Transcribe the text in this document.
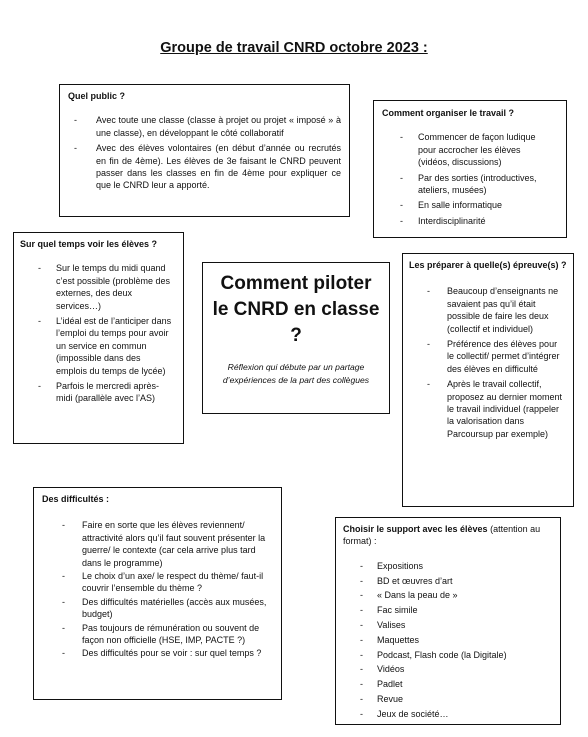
Groupe de travail CNRD octobre 2023 :
Quel public ?
- Avec toute une classe (classe à projet ou projet « imposé » à une classe), en développant le côté collaboratif
- Avec des élèves volontaires (en début d’année ou recrutés en fin de 4ème). Les élèves de 3e faisant le CNRD peuvent passer dans les classes en fin de 4ème pour expliquer ce que le CNRD leur a apporté.
Comment organiser le travail ?
- Commencer de façon ludique pour accrocher les élèves (vidéos, discussions)
- Par des sorties (introductives, ateliers, musées)
- En salle informatique
- Interdisciplinarité
Sur quel temps voir les élèves ?
- Sur le temps du midi quand c’est possible (problème des externes, des deux services…)
- L’idéal est de l’anticiper dans l’emploi du temps pour avoir un service en commun (impossible dans des emplois du temps de lycée)
- Parfois le mercredi après-midi (parallèle avec l’AS)
Comment piloter le CNRD en classe ?
Réflexion qui débute par un partage d’expériences de la part des collègues
Les préparer à quelle(s) épreuve(s) ?
- Beaucoup d’enseignants ne savaient pas qu’il était possible de faire les deux (collectif et individuel)
- Préférence des élèves pour le collectif/ permet d’intégrer des élèves en difficulté
- Après le travail collectif, proposez au dernier moment le travail individuel (rappeler la valorisation dans Parcoursup par exemple)
Des difficultés :
- Faire en sorte que les élèves reviennent/ attractivité alors qu’il faut souvent présenter la guerre/ le contexte (car cela arrive plus tard dans le programme)
- Le choix d’un axe/ le respect du thème/ faut-il couvrir l’ensemble du thème ?
- Des difficultés matérielles (accès aux musées, budget)
- Pas toujours de rémunération ou souvent de façon non officielle (HSE, IMP, PACTE ?)
- Des difficultés pour se voir : sur quel temps ?
Choisir le support avec les élèves (attention au format) :
- Expositions
- BD et œuvres d’art
- « Dans la peau de »
- Fac simile
- Valises
- Maquettes
- Podcast, Flash code (la Digitale)
- Vidéos
- Padlet
- Revue
- Jeux de société…
